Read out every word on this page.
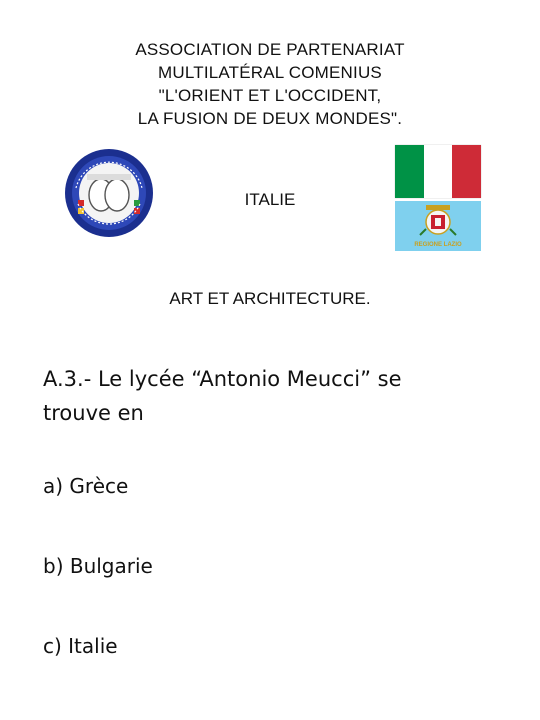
ASSOCIATION DE PARTENARIAT
MULTILATÉRAL COMENIUS
"L'ORIENT ET L'OCCIDENT,
LA FUSION DE DEUX MONDES".
ITALIE
REGIONE LAZIO
ART ET ARCHITECTURE.
A.3.- Le lycée “Antonio Meucci” se
trouve en
a) Grèce
b) Bulgarie
c) Italie
